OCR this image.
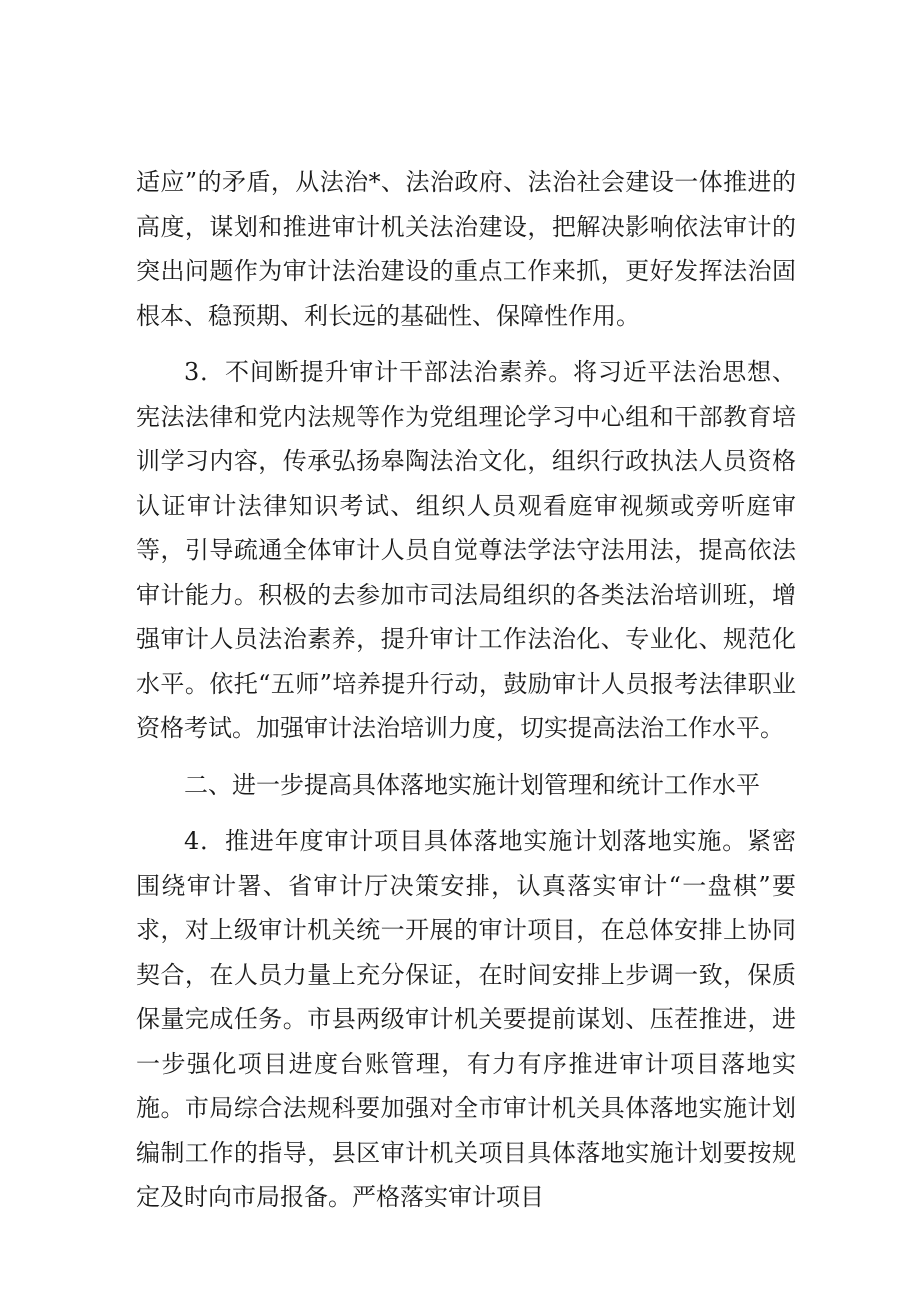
适应”的矛盾，从法治*、法治政府、法治社会建设一体推进的高度，谋划和推进审计机关法治建设，把解决影响依法审计的突出问题作为审计法治建设的重点工作来抓，更好发挥法治固根本、稳预期、利长远的基础性、保障性作用。

3．不间断提升审计干部法治素养。将习近平法治思想、宪法法律和党内法规等作为党组理论学习中心组和干部教育培训学习内容，传承弘扬皋陶法治文化，组织行政执法人员资格认证审计法律知识考试、组织人员观看庭审视频或旁听庭审等，引导疏通全体审计人员自觉尊法学法守法用法，提高依法审计能力。积极的去参加市司法局组织的各类法治培训班，增强审计人员法治素养，提升审计工作法治化、专业化、规范化水平。依托“五师”培养提升行动，鼓励审计人员报考法律职业资格考试。加强审计法治培训力度，切实提高法治工作水平。

二、进一步提高具体落地实施计划管理和统计工作水平

4．推进年度审计项目具体落地实施计划落地实施。紧密围绕审计署、省审计厅决策安排，认真落实审计“一盘棋”要求，对上级审计机关统一开展的审计项目，在总体安排上协同契合，在人员力量上充分保证，在时间安排上步调一致，保质保量完成任务。市县两级审计机关要提前谋划、压茬推进，进一步强化项目进度台账管理，有力有序推进审计项目落地实施。市局综合法规科要加强对全市审计机关具体落地实施计划编制工作的指导，县区审计机关项目具体落地实施计划要按规定及时向市局报备。严格落实审计项目
